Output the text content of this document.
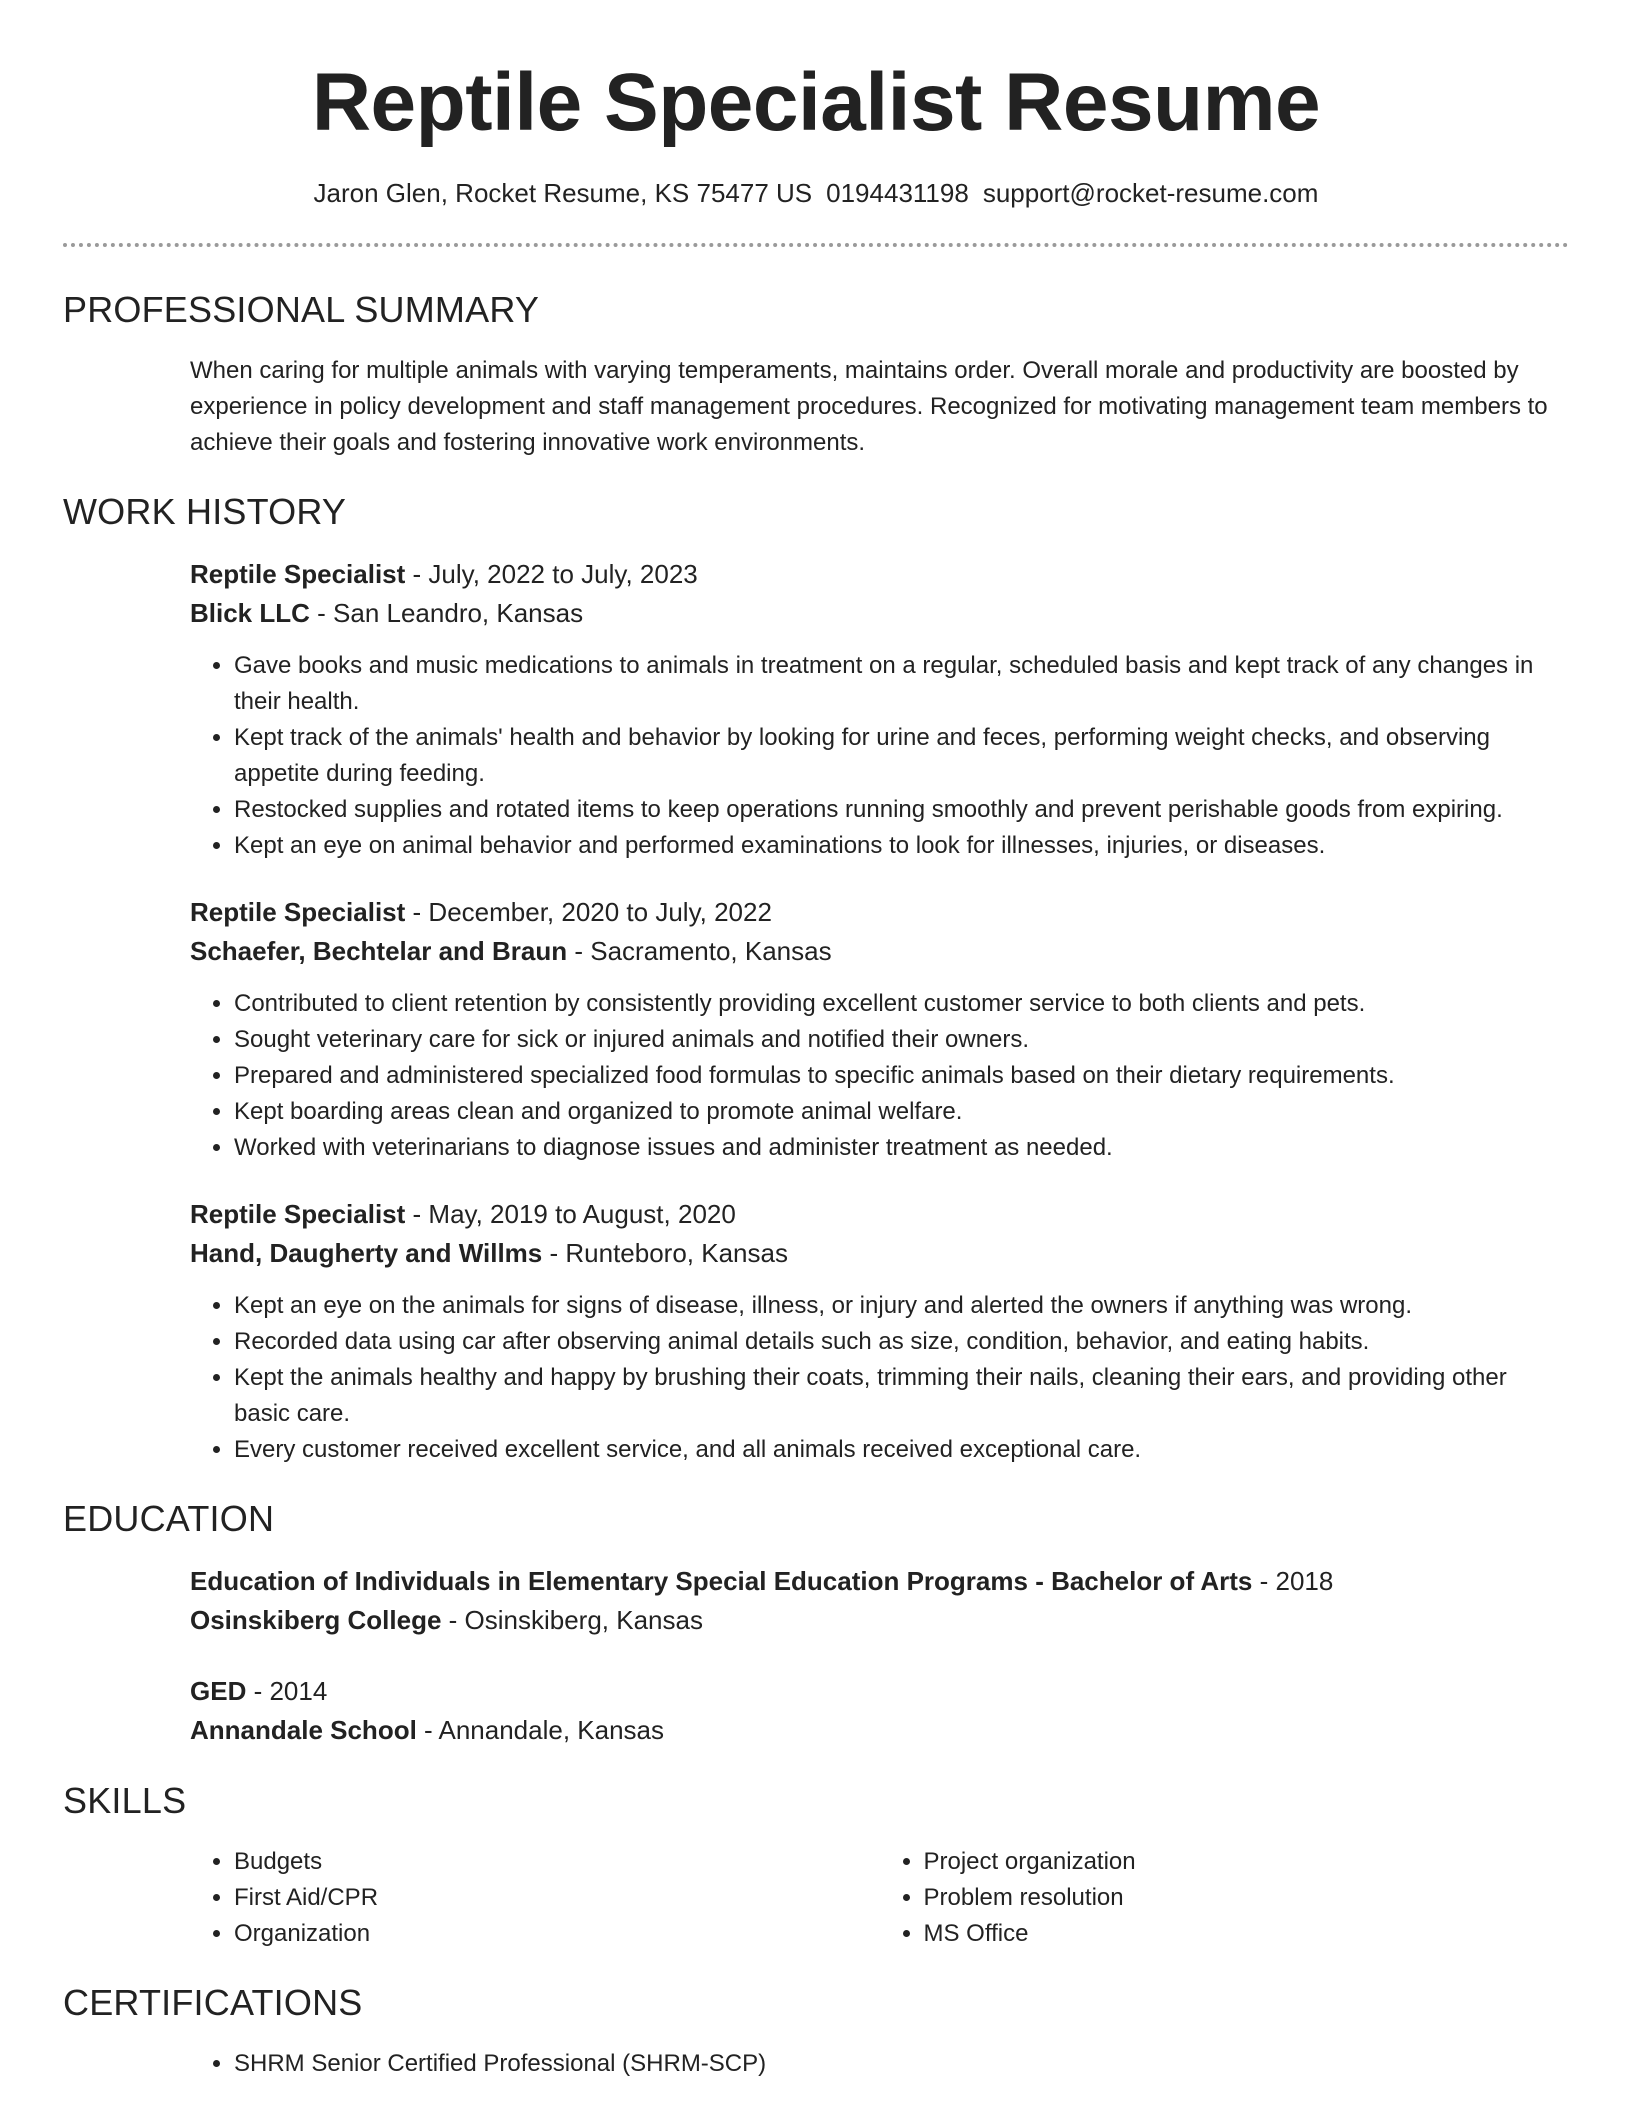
Reptile Specialist Resume
Jaron Glen, Rocket Resume, KS 75477 US 0194431198 support@rocket-resume.com
PROFESSIONAL SUMMARY
When caring for multiple animals with varying temperaments, maintains order. Overall morale and productivity are boosted by experience in policy development and staff management procedures. Recognized for motivating management team members to achieve their goals and fostering innovative work environments.
WORK HISTORY
Reptile Specialist - July, 2022 to July, 2023
Blick LLC - San Leandro, Kansas
• Gave books and music medications to animals in treatment on a regular, scheduled basis and kept track of any changes in their health.
• Kept track of the animals' health and behavior by looking for urine and feces, performing weight checks, and observing appetite during feeding.
• Restocked supplies and rotated items to keep operations running smoothly and prevent perishable goods from expiring.
• Kept an eye on animal behavior and performed examinations to look for illnesses, injuries, or diseases.
Reptile Specialist - December, 2020 to July, 2022
Schaefer, Bechtelar and Braun - Sacramento, Kansas
• Contributed to client retention by consistently providing excellent customer service to both clients and pets.
• Sought veterinary care for sick or injured animals and notified their owners.
• Prepared and administered specialized food formulas to specific animals based on their dietary requirements.
• Kept boarding areas clean and organized to promote animal welfare.
• Worked with veterinarians to diagnose issues and administer treatment as needed.
Reptile Specialist - May, 2019 to August, 2020
Hand, Daugherty and Willms - Runteboro, Kansas
• Kept an eye on the animals for signs of disease, illness, or injury and alerted the owners if anything was wrong.
• Recorded data using car after observing animal details such as size, condition, behavior, and eating habits.
• Kept the animals healthy and happy by brushing their coats, trimming their nails, cleaning their ears, and providing other basic care.
• Every customer received excellent service, and all animals received exceptional care.
EDUCATION
Education of Individuals in Elementary Special Education Programs - Bachelor of Arts - 2018
Osinskiberg College - Osinskiberg, Kansas
GED - 2014
Annandale School - Annandale, Kansas
SKILLS
• Budgets
• First Aid/CPR
• Organization
• Project organization
• Problem resolution
• MS Office
CERTIFICATIONS
• SHRM Senior Certified Professional (SHRM-SCP)
